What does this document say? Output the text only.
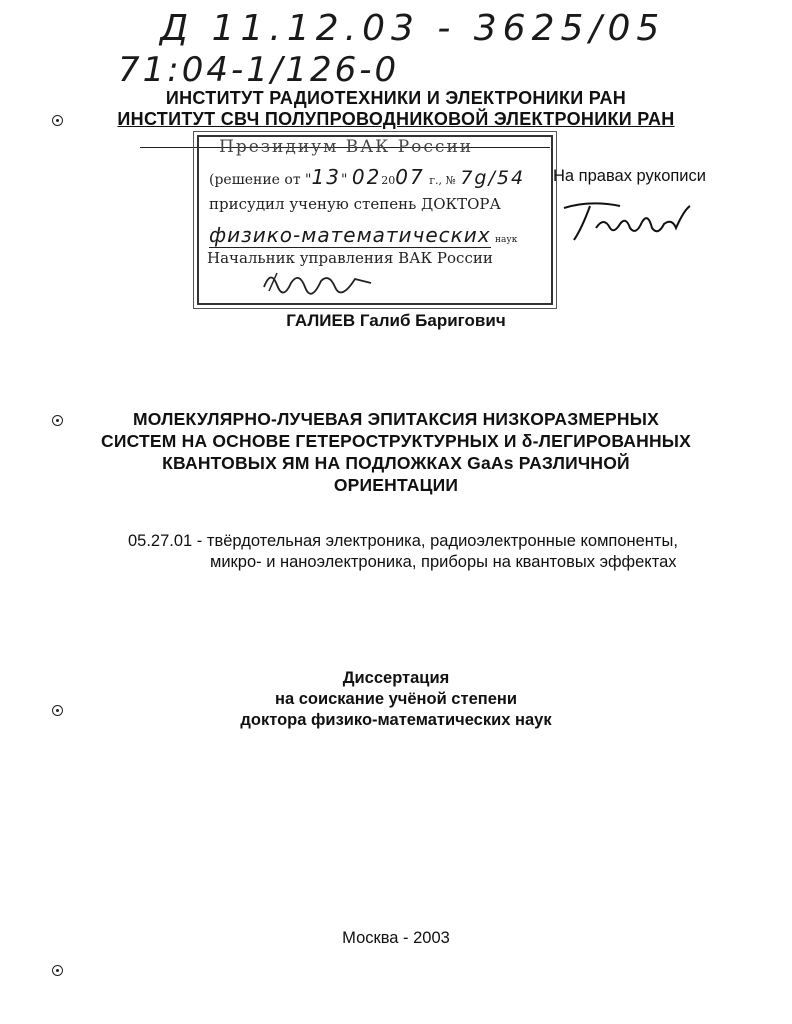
Д 11.12.03 - 3625/05
71:04-1/126-0
ИНСТИТУТ РАДИОТЕХНИКИ И ЭЛЕКТРОНИКИ РАН
ИНСТИТУТ СВЧ ПОЛУПРОВОДНИКОВОЙ ЭЛЕКТРОНИКИ РАН
Президиум ВАК России
(решение от "13" 022007 г., № 7g/54
присудил ученую степень ДОКТОРА
физико-математических наук
Начальник управления ВАК России
На правах рукописи
ГАЛИЕВ Галиб Баригович
МОЛЕКУЛЯРНО-ЛУЧЕВАЯ ЭПИТАКСИЯ НИЗКОРАЗМЕРНЫХ
СИСТЕМ НА ОСНОВЕ ГЕТЕРОСТРУКТУРНЫХ И δ-ЛЕГИРОВАННЫХ
КВАНТОВЫХ ЯМ НА ПОДЛОЖКАХ GaAs РАЗЛИЧНОЙ
ОРИЕНТАЦИИ
05.27.01 - твёрдотельная электроника, радиоэлектронные компоненты,
микро- и наноэлектроника, приборы на квантовых эффектах
Диссертация
на соискание учёной степени
доктора физико-математических наук
Москва - 2003
